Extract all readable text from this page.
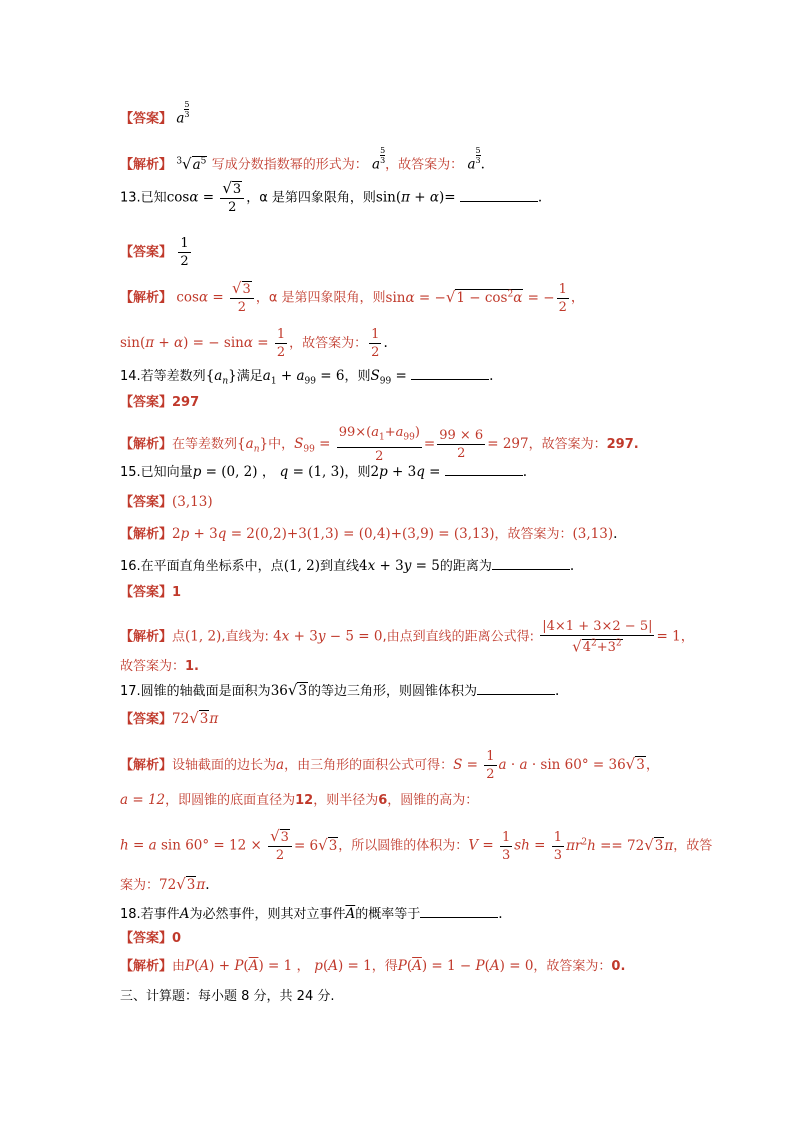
【答案】 a $\frac{5}{3}$
【解析】 $^3√a^5$ 写成分数指数幂的形式为： a $\frac{5}{3}$ ，故答案为： a $\frac{5}{3}$ .
13.已知$\cos\alpha = \frac{√3}{2}$ ，α 是第四象限角，则sin(π + α)=	.
【答案】 $\frac{1}{2}$
【解析】 $\cos\alpha = \frac{√3}{2}$ ，α 是第四象限角，则$\sin\alpha = -√1 - \cos^2\alpha$ = − $\frac{1}{2}$ ，
sin(π + α) = − $\sin\alpha = \frac{1}{2}$ ，故答案为： $\frac{1}{2}$ .
14.若等差数列$\{a_n\}$满足$a_1 + a_{99} = 6$，则$S_{99}$ =	.
【答案】297
【解析】在等差数列$\{a_n\}$中，$S_{99} = \frac{99\times(a_1+a_{99})}{2} = \frac{99 \times 6}{2} = 297$，故答案为：297.
15.已知向量p = (0, 2) ， q = (1, 3)，则2p + 3q =	.
【答案】(3,13)
【解析】2p + 3q = 2(0,2)+3(1,3) = (0,4)+(3,9) = (3,13)，故答案为：(3,13).
16.在平面直角坐标系中，点(1, 2)到直线4x + 3y = 5的距离为	.
【答案】1
【解析】点(1, 2),直线为: 4x + 3y − 5 = 0,由点到直线的距离公式得: $\frac{|4\times 1 + 3\times 2 - 5|}{√4^2+3^2} = 1$，
故答案为：1.
17.圆锥的轴截面是面积为36√3的等边三角形，则圆锥体积为	.
【答案】72√3π
【解析】设轴截面的边长为a，由三角形的面积公式可得：$S = \frac{1}{2}$ a · a · sin 60° = 36√3，
a = 12，即圆锥的底面直径为12，则半径为6，圆锥的高为：
h = a $\sin 60^\circ = 12 \times \frac{√3}{2} = 6√3$，所以圆锥的体积为：$V = \frac{1}{3}$ sh = $\frac{1}{3} \pi r^2h == 72√3\pi$，故答
案为：72√3π.
18.若事件A为必然事件，则其对立事件$\overline{A}$的概率等于	.
【答案】0
【解析】由$P(A) + P(\overline{A}) = 1$ ， p(A) = 1，得$P(\overline{A}) = 1 - P(A) = 0$，故答案为：0.
三、计算题：每小题 8 分，共 24 分.
